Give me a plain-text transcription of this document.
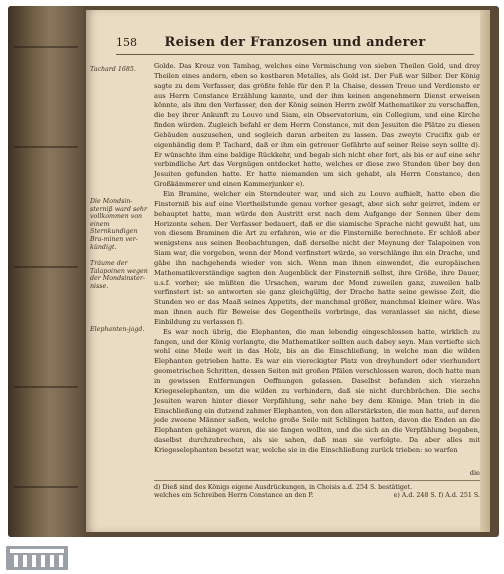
158	Reisen der Franzosen und anderer
Tachard 1685.
Die Mondsin-sterniß ward sehr vollkommen von einem Sternkundigen Bra-minen ver-kündigt.
Träume der Talapoinen wegen der Mondsinster-nisse.
Elephanten-jagd.

Golde. Das Kreuz von Tambag, welches eine Vermischung von sieben Theilen Gold, und drey Theilen eines andern, eben so kostbaren Metalles, als Gold ist. Der Fuß war Silber. Der König sagte zu dem Verfasser, das größte fehle für den P. la Chaise, dessen Treue und Verdienste er aus Herrn Constance Erzählung kannte, und der ihm keinen angenehmern Dienst erweisen könnte, als ihm den Verfasser, den der König seinen Herrn zwölf Mathematiker zu verschaffen, die bey ihrer Ankunft zu Louvo und Siam, ein Observatorium, ein Collegium, und eine Kirche finden würden. Zugleich befahl er dem Herrn Constance, mit den Jesuiten die Plätze zu diesen Gebäuden auszusehen, und sogleich daran arbeiten zu lassen. Das zweyte Crucifix gab er eigenhändig dem P. Tachard, daß er ihm ein getreuer Gefährte auf seiner Reise seyn sollte d). Er wünschte ihm eine baldige Rückkehr, und begab sich nicht eher fort, als bis er auf eine sehr verbindliche Art das Vergnügen entdecket hatte, welches er diese zwo Stunden über bey den Jesuiten gefunden hatte. Er hatte niemanden um sich gehabt, als Herrn Constance, den Großkämmerer und einen Kammerjunker e).

Ein Bramine, welcher ein Sterndeuter war, und sich zu Louvo aufhielt, hatte eben die Finsterniß bis auf eine Viertheilstunde genau vorher gesagt, aber sich sehr geirret, indem er behauptet hatte, man würde den Austritt erst nach dem Aufgange der Sonnen über dem Horizonte sehen. Der Verfasser bedauert, daß er die siamische Sprache nicht gewußt hat, um von diesem Braminen die Art zu erfahren, wie er die Finsterniße berechnete. Er schloß aber wenigstens aus seinen Beobachtungen, daß derselbe nicht der Meynung der Talapoinen von Siam war, die vorgeben, wenn der Mond verfinstert würde, so verschlänge ihn ein Drache, und gäbe ihn nachgehends wieder von sich. Wenn man ihnen einwendet, die europäischen Mathematikverständige sagten den Augenblick der Finsterniß selbst, ihre Größe, ihre Dauer, u.s.f. vorher; sie müßten die Ursachen, warum der Mond zuweilen ganz, zuweilen halb verfinstert ist: so antworten sie ganz gleichgültig, der Drache hatte seine gewisse Zeit, die Stunden wo er das Maaß seines Appetits, der manchmal größer, manchmal kleiner wäre. Was man ihnen auch für Beweise des Gegentheils vorbringe, das veranlasset sie nicht, diese Einbildung zu verlassen f).

Es war noch übrig, die Elephanten, die man lebendig eingeschlossen hatte, wirklich zu fangen, und der König verlangte, die Mathematiker sollten auch dabey seyn. Man vertiefte sich wohl eine Meile weit in das Holz, bis an die Einschließung, in welche man die wilden Elephanten getrieben hatte. Es war ein viereckigter Platz von dreyhundert oder vierhundert geometrischen Schritten, dessen Seiten mit großen Pfälen verschlossen waren, doch hatte man in gewissen Entfernungen Oeffnungen gelassen. Daselbst befanden sich vierzehn Kriegeselephanten, um die wilden zu verhindern, daß sie nicht durchbrächen. Die sechs Jesuiten waren hinter dieser Verpfählung, sehr nahe bey dem Könige. Man trieb in die Einschließung ein dutzend zahmer Elephanten, von den allerstärksten, die man hatte, auf deren jede zweene Männer saßen, welche große Seile mit Schlingen hatten, davon die Enden an die Elephanten gehänget waren, die sie fangen wollten, und die sich an die Verpfählung begaben, daselbst durchzubrechen, als sie sahen, daß man sie verfolgte. Da aber alles mit Kriegeselephanten besetzt war, welche sie in die Einschließung zurück trieben: so warfen

die
d) Dieß sind des Königs eigene Ausdrückungen, in Choisis a.d. 254 S. bestätiget.
welches ein Schreiben Herrn Constance an den P.	e) A.d. 248 S. f) A.d. 251 S.
